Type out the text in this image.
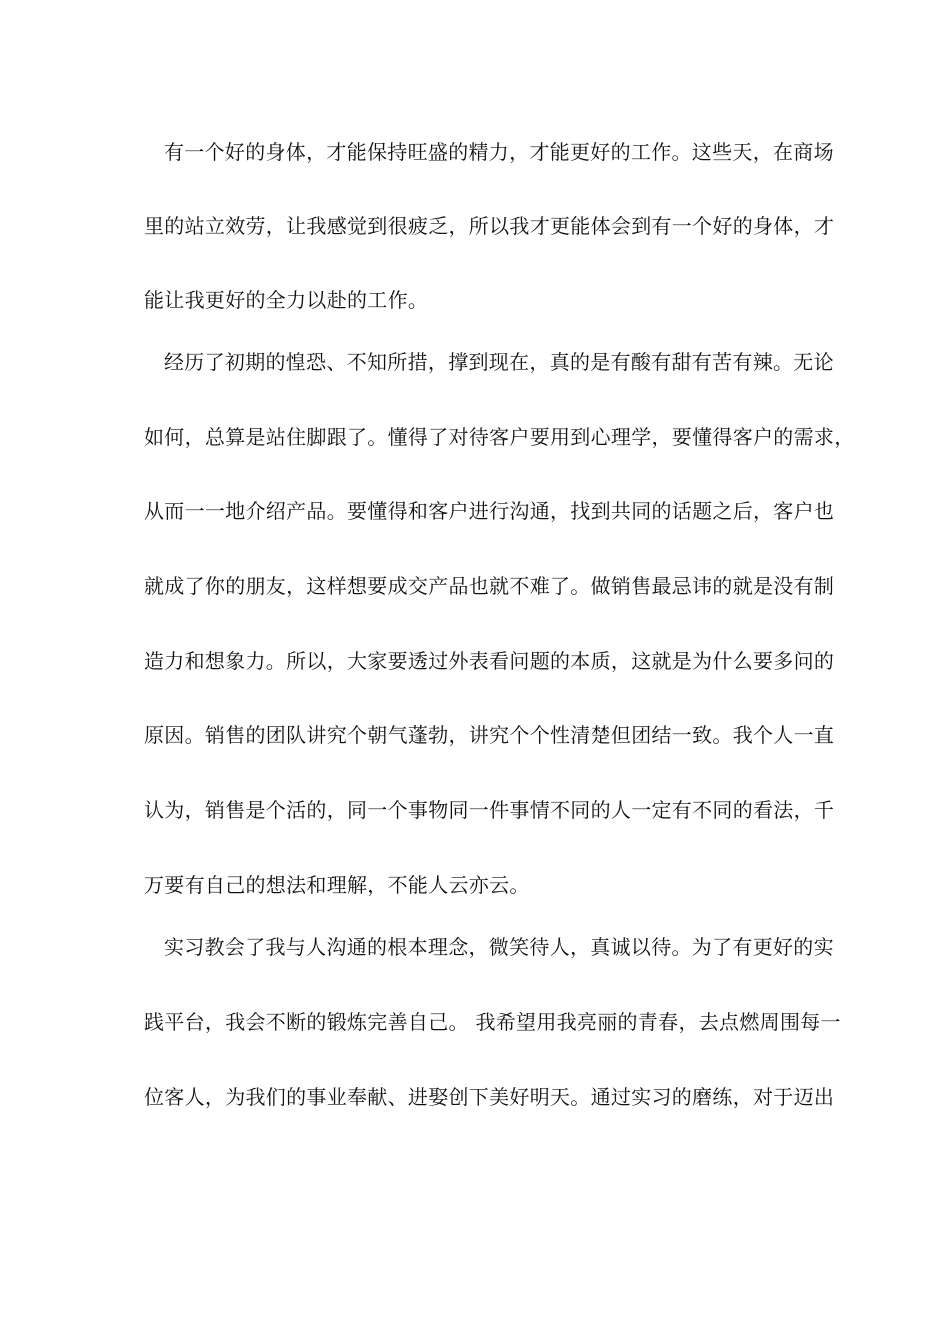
有一个好的身体，才能保持旺盛的精力，才能更好的工作。这些天，在商场
里的站立效劳，让我感觉到很疲乏，所以我才更能体会到有一个好的身体，才
能让我更好的全力以赴的工作。
经历了初期的惶恐、不知所措，撑到现在，真的是有酸有甜有苦有辣。无论
如何，总算是站住脚跟了。懂得了对待客户要用到心理学，要懂得客户的需求，
从而一一地介绍产品。要懂得和客户进行沟通，找到共同的话题之后，客户也
就成了你的朋友，这样想要成交产品也就不难了。做销售最忌讳的就是没有制
造力和想象力。所以，大家要透过外表看问题的本质，这就是为什么要多问的
原因。销售的团队讲究个朝气蓬勃，讲究个个性清楚但团结一致。我个人一直
认为，销售是个活的，同一个事物同一件事情不同的人一定有不同的看法，千
万要有自己的想法和理解，不能人云亦云。
实习教会了我与人沟通的根本理念，微笑待人，真诚以待。为了有更好的实
践平台，我会不断的锻炼完善自己。 我希望用我亮丽的青春，去点燃周围每一
位客人，为我们的事业奉献、进娶创下美好明天。通过实习的磨练，对于迈出
